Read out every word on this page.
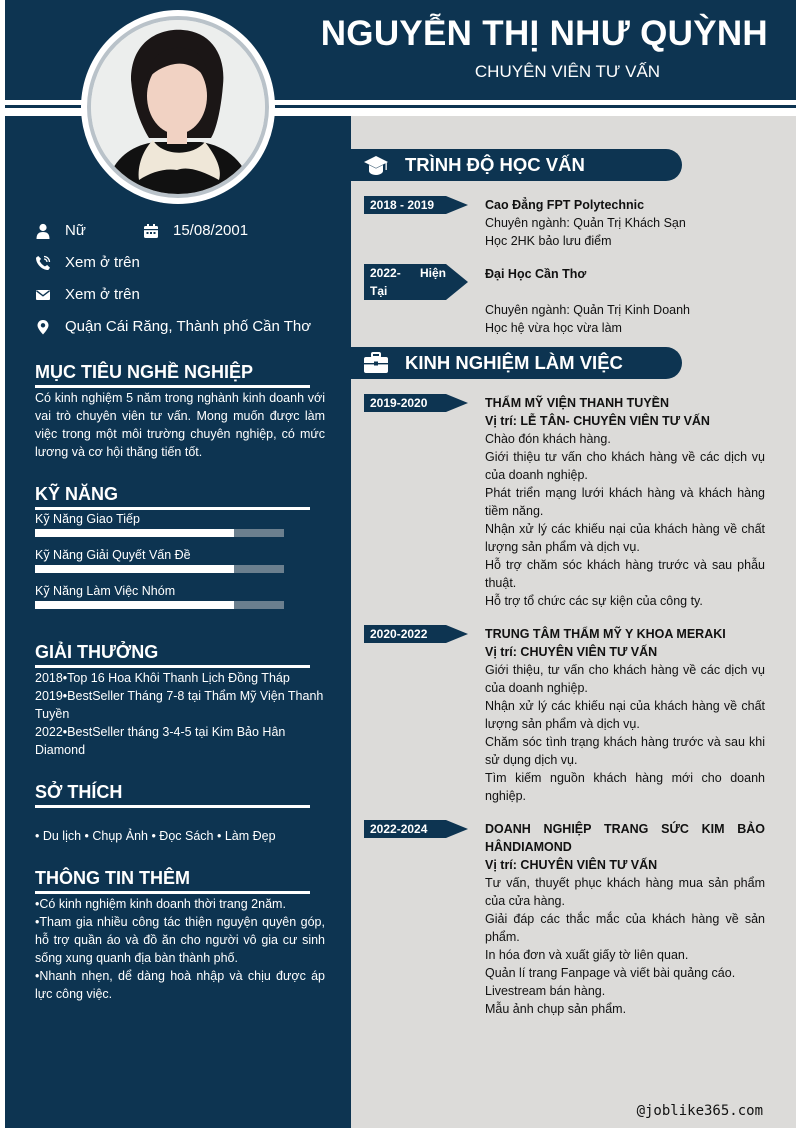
NGUYỄN THỊ NHƯ QUỲNH
CHUYÊN VIÊN TƯ VẤN
Nữ	15/08/2001
Xem ở trên
Xem ở trên
Quận Cái Răng, Thành phố Cần Thơ
MỤC TIÊU NGHỀ NGHIỆP
Có kinh nghiệm 5 năm trong nghành kinh doanh với vai trò chuyên viên tư vấn. Mong muốn được làm việc trong một môi trường chuyên nghiệp, có mức lương và cơ hội thăng tiến tốt.
KỸ NĂNG
Kỹ Năng Giao Tiếp
Kỹ Năng Giải Quyết Vấn Đề
Kỹ Năng Làm Việc Nhóm
GIẢI THƯỞNG
2018•Top 16 Hoa Khôi Thanh Lịch Đồng Tháp
2019•BestSeller Tháng 7-8 tại Thẩm Mỹ Viện Thanh Tuyền
2022•BestSeller tháng 3-4-5 tại Kim Bảo Hân Diamond
SỞ THÍCH
• Du lịch • Chụp Ảnh • Đọc Sách • Làm Đẹp
THÔNG TIN THÊM
•Có kinh nghiệm kinh doanh thời trang 2năm.
•Tham gia nhiều công tác thiện nguyện quyên góp, hỗ trợ quần áo và đồ ăn cho người vô gia cư sinh sống xung quanh địa bàn thành phố.
•Nhanh nhẹn, dể dàng hoà nhập và chịu được áp lực công việc.
TRÌNH ĐỘ HỌC VẤN
2018 - 2019	Cao Đẳng FPT Polytechnic
Chuyên ngành: Quản Trị Khách Sạn
Học 2HK bảo lưu điểm
2022- Hiện
Tại
Đại Học Cần Thơ
Chuyên ngành: Quản Trị Kinh Doanh
Học hệ vừa học vừa làm
KINH NGHIỆM LÀM VIỆC
2019-2020	THẨM MỸ VIỆN THANH TUYỀN
Vị trí: LỄ TÂN- CHUYÊN VIÊN TƯ VẤN

Chào đón khách hàng.

Giới thiệu tư vấn cho khách hàng về các dịch vụ của doanh nghiệp.

Phát triển mạng lưới khách hàng và khách hàng tiềm năng.

Nhận xử lý các khiếu nại của khách hàng về chất lượng sản phẩm và dịch vụ.

Hỗ trợ chăm sóc khách hàng trước và sau phẫu thuật.

Hỗ trợ tổ chức các sự kiện của công ty.

2020-2022	TRUNG TÂM THẨM MỸ Y KHOA MERAKI
Vị trí: CHUYÊN VIÊN TƯ VẤN

Giới thiệu, tư vấn cho khách hàng về các dịch vụ của doanh nghiệp.

Nhận xử lý các khiếu nại của khách hàng về chất lượng sản phẩm và dịch vụ.

Chăm sóc tình trạng khách hàng trước và sau khi sử dụng dịch vụ.

Tìm kiếm nguồn khách hàng mới cho doanh nghiệp.

2022-2024	DOANH NGHIỆP TRANG SỨC KIM BẢO HÂNDIAMOND

Vị trí: CHUYÊN VIÊN TƯ VẤN

Tư vấn, thuyết phục khách hàng mua sản phẩm của cửa hàng.

Giải đáp các thắc mắc của khách hàng về sản phẩm.

In hóa đơn và xuất giấy tờ liên quan.

Quản lí trang Fanpage và viết bài quảng cáo.

Livestream bán hàng.

Mẫu ảnh chụp sản phẩm.

@joblike365.com
